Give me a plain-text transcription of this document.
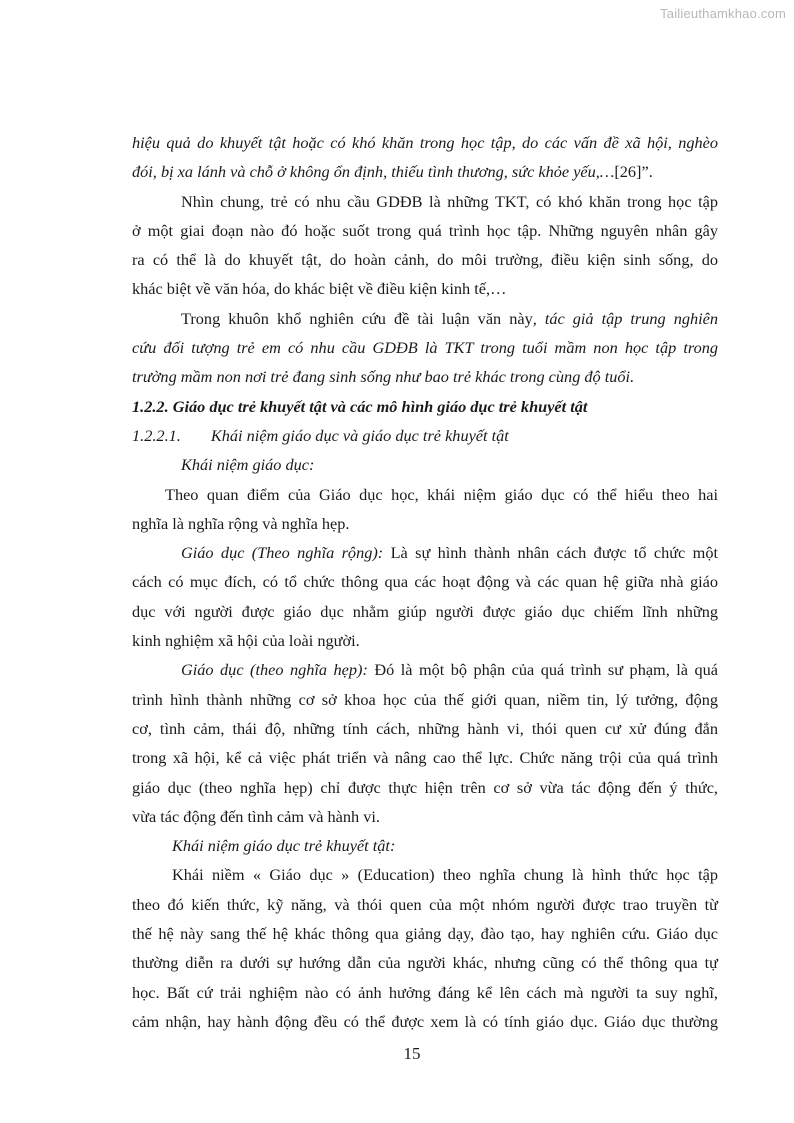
Tailieuthamkhao.com
hiệu quả do khuyết tật hoặc có khó khăn trong học tập, do các vấn đề xã hội, nghèo
đói, bị xa lánh và chỗ ở không ổn định, thiếu tình thương, sức khỏe yếu,…[26]”.
Nhìn chung, trẻ có nhu cầu GDĐB là những TKT, có khó khăn trong học tập
ở một giai đoạn nào đó hoặc suốt trong quá trình học tập. Những nguyên nhân gây
ra có thể là do khuyết tật, do hoàn cảnh, do môi trường, điều kiện sinh sống, do
khác biệt về văn hóa, do khác biệt về điều kiện kinh tế,…
Trong khuôn khổ nghiên cứu đề tài luận văn này, tác giả tập trung nghiên
cứu đối tượng trẻ em có nhu cầu GDĐB là TKT trong tuổi mầm non học tập trong
trường mầm non nơi trẻ đang sinh sống như bao trẻ khác trong cùng độ tuổi.
1.2.2. Giáo dục trẻ khuyết tật và các mô hình giáo dục trẻ khuyết tật
1.2.2.1. Khái niệm giáo dục và giáo dục trẻ khuyết tật
Khái niệm giáo dục:
Theo quan điểm của Giáo dục học, khái niệm giáo dục có thể hiểu theo hai
nghĩa là nghĩa rộng và nghĩa hẹp.
Giáo dục (Theo nghĩa rộng): Là sự hình thành nhân cách được tổ chức một
cách có mục đích, có tổ chức thông qua các hoạt động và các quan hệ giữa nhà giáo
dục với người được giáo dục nhằm giúp người được giáo dục chiếm lĩnh những
kinh nghiệm xã hội của loài người.
Giáo dục (theo nghĩa hẹp): Đó là một bộ phận của quá trình sư phạm, là quá
trình hình thành những cơ sở khoa học của thế giới quan, niềm tin, lý tưởng, động
cơ, tình cảm, thái độ, những tính cách, những hành vi, thói quen cư xử đúng đắn
trong xã hội, kể cả việc phát triển và nâng cao thể lực. Chức năng trội của quá trình
giáo dục (theo nghĩa hẹp) chỉ được thực hiện trên cơ sở vừa tác động đến ý thức,
vừa tác động đến tình cảm và hành vi.
Khái niệm giáo dục trẻ khuyết tật:
Khái niềm « Giáo dục » (Education) theo nghĩa chung là hình thức học tập
theo đó kiến thức, kỹ năng, và thói quen của một nhóm người được trao truyền từ
thế hệ này sang thế hệ khác thông qua giảng dạy, đào tạo, hay nghiên cứu. Giáo dục
thường diễn ra dưới sự hướng dẫn của người khác, nhưng cũng có thể thông qua tự
học. Bất cứ trải nghiệm nào có ảnh hưởng đáng kể lên cách mà người ta suy nghĩ,
cảm nhận, hay hành động đều có thể được xem là có tính giáo dục. Giáo dục thường
15
